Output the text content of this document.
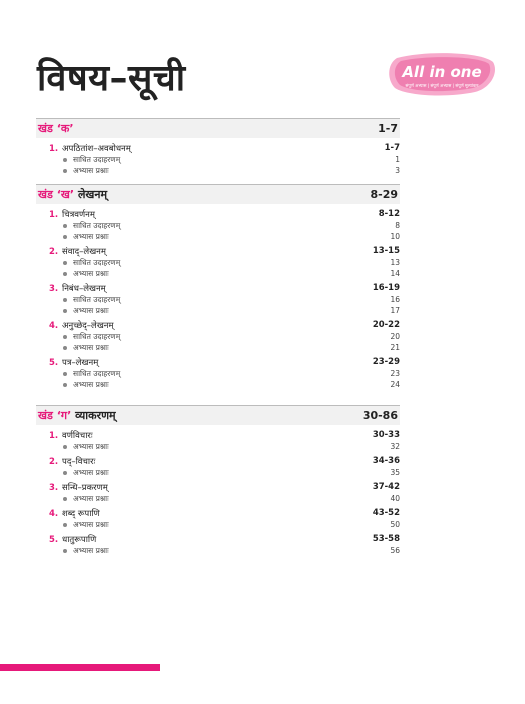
विषय–सूची	All in one
संपूर्ण अभ्यास | संपूर्ण अभ्यास | संपूर्ण मूल्यांकन
खंड ‘क’	1-7
1. अपठितांश–अवबोधनम्	1-7
साधित उदाहरणम्	1
अभ्यास प्रश्नाः	3
खंड ‘ख’ लेखनम्	8-29
1. चित्रवर्णनम्	8-12
साधित उदाहरणम्	8
अभ्यास प्रश्नाः	10
2. संवाद्–लेखनम्	13-15
साधित उदाहरणम्	13
अभ्यास प्रश्नाः	14
3. निबंध–लेखनम्	16-19
साधित उदाहरणम्	16
अभ्यास प्रश्नाः	17
4. अनुच्छेद्–लेखनम्	20-22
साधित उदाहरणम्	20
अभ्यास प्रश्नाः	21
5. पत्र–लेखनम्	23-29
साधित उदाहरणम्	23
अभ्यास प्रश्नाः	24
खंड ‘ग’ व्याकरणम्	30-86
1. वर्णविचारः	30-33
अभ्यास प्रश्नाः	32
2. पद्–विचारः	34-36
अभ्यास प्रश्नाः	35
3. सन्धि–प्रकरणम्	37-42
अभ्यास प्रश्नाः	40
4. शब्द् रूपाणि	43-52
अभ्यास प्रश्नाः	50
5. धातुरूपाणि	53-58
अभ्यास प्रश्नाः	56
